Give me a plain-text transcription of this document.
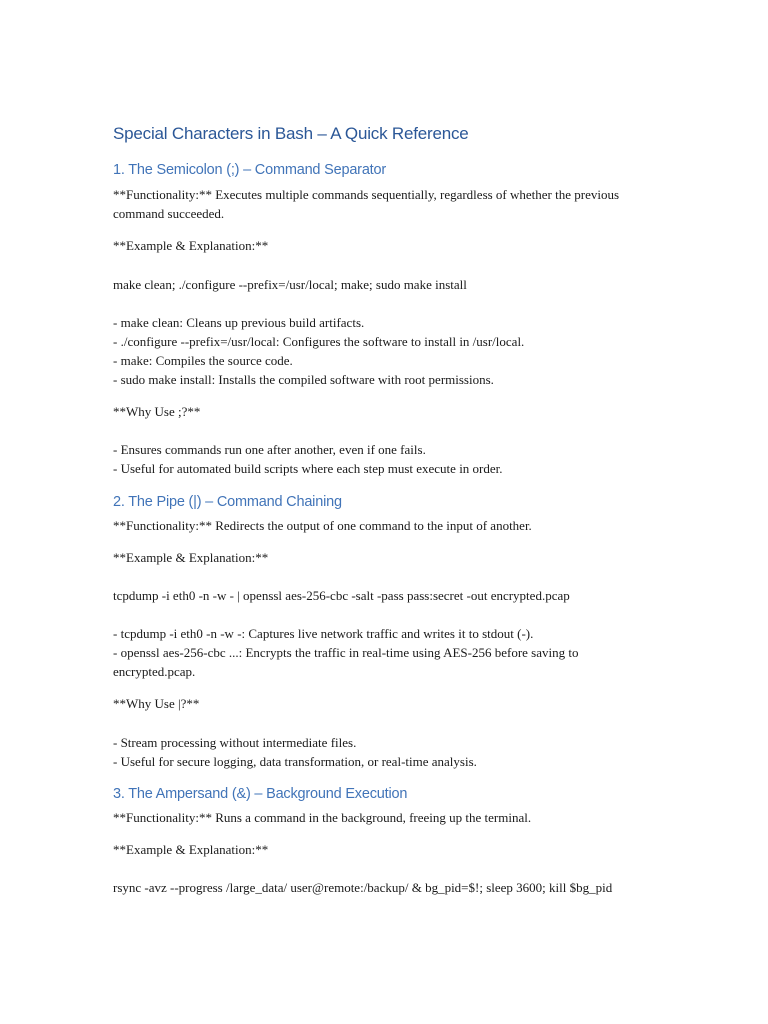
Special Characters in Bash – A Quick Reference
1. The Semicolon (;) – Command Separator

**Functionality:** Executes multiple commands sequentially, regardless of whether the previous command succeeded.

**Example & Explanation:**

make clean; ./configure --prefix=/usr/local; make; sudo make install

- make clean: Cleans up previous build artifacts.

- ./configure --prefix=/usr/local: Configures the software to install in /usr/local.

- make: Compiles the source code.

- sudo make install: Installs the compiled software with root permissions.

**Why Use ;?**

- Ensures commands run one after another, even if one fails.

- Useful for automated build scripts where each step must execute in order.

2. The Pipe (|) – Command Chaining

**Functionality:** Redirects the output of one command to the input of another.

**Example & Explanation:**

tcpdump -i eth0 -n -w - | openssl aes-256-cbc -salt -pass pass:secret -out encrypted.pcap

- tcpdump -i eth0 -n -w -: Captures live network traffic and writes it to stdout (-).

- openssl aes-256-cbc ...: Encrypts the traffic in real-time using AES-256 before saving to encrypted.pcap.

**Why Use |?**

- Stream processing without intermediate files.

- Useful for secure logging, data transformation, or real-time analysis.

3. The Ampersand (&) – Background Execution

**Functionality:** Runs a command in the background, freeing up the terminal.

**Example & Explanation:**

rsync -avz --progress /large_data/ user@remote:/backup/ & bg_pid=$!; sleep 3600; kill $bg_pid
